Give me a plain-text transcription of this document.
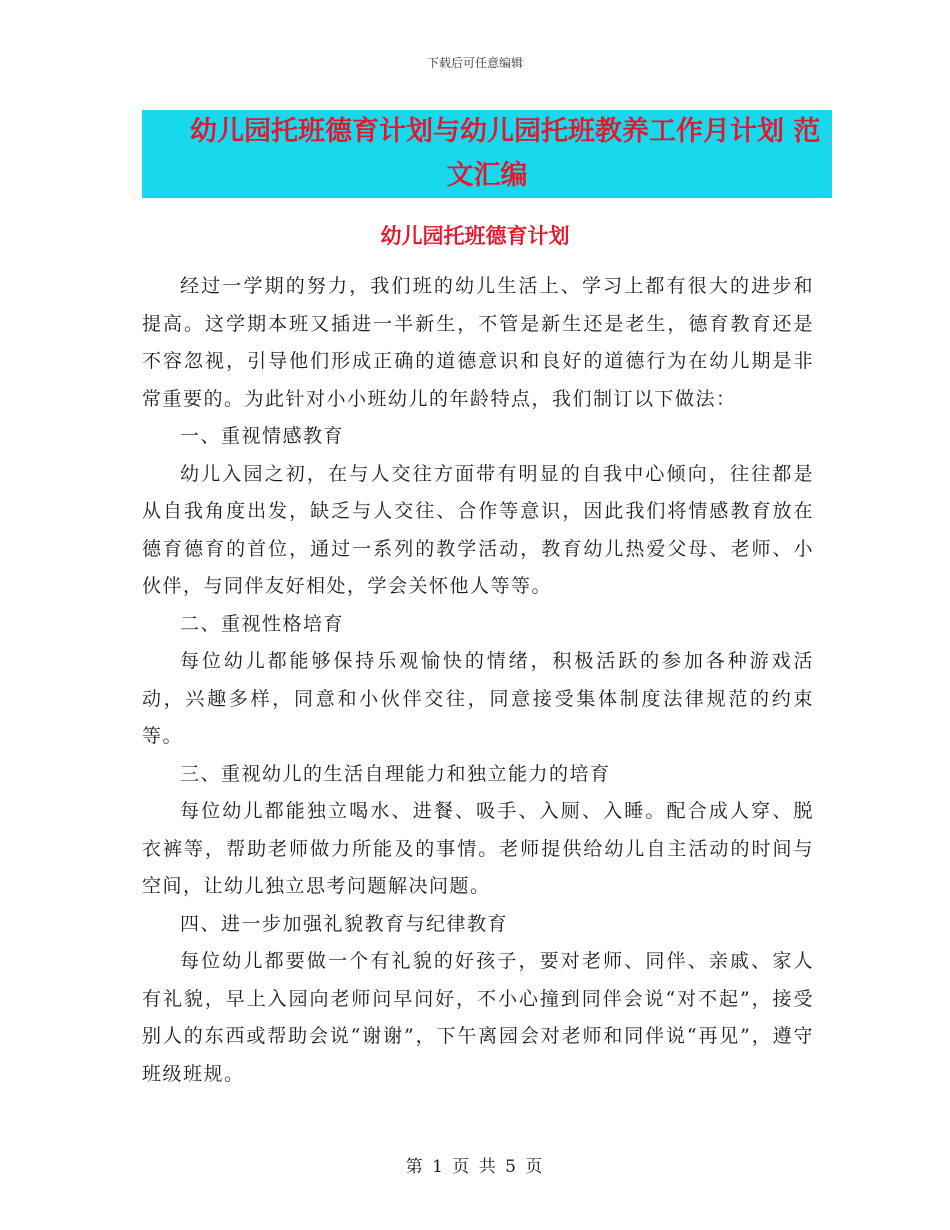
下载后可任意编辑
幼儿园托班德育计划与幼儿园托班教养工作月计划 范
文汇编
幼儿园托班德育计划

经过一学期的努力，我们班的幼儿生活上、学习上都有很大的进步和提高。这学期本班又插进一半新生，不管是新生还是老生，德育教育还是不容忽视，引导他们形成正确的道德意识和良好的道德行为在幼儿期是非常重要的。为此针对小小班幼儿的年龄特点，我们制订以下做法：

一、重视情感教育

幼儿入园之初，在与人交往方面带有明显的自我中心倾向，往往都是从自我角度出发，缺乏与人交往、合作等意识，因此我们将情感教育放在德育德育的首位，通过一系列的教学活动，教育幼儿热爱父母、老师、小伙伴，与同伴友好相处，学会关怀他人等等。

二、重视性格培育

每位幼儿都能够保持乐观愉快的情绪，积极活跃的参加各种游戏活动，兴趣多样，同意和小伙伴交往，同意接受集体制度法律规范的约束等。

三、重视幼儿的生活自理能力和独立能力的培育

每位幼儿都能独立喝水、进餐、吸手、入厕、入睡。配合成人穿、脱衣裤等，帮助老师做力所能及的事情。老师提供给幼儿自主活动的时间与空间，让幼儿独立思考问题解决问题。

四、进一步加强礼貌教育与纪律教育

每位幼儿都要做一个有礼貌的好孩子，要对老师、同伴、亲戚、家人有礼貌，早上入园向老师问早问好，不小心撞到同伴会说“对不起”，接受别人的东西或帮助会说“谢谢”，下午离园会对老师和同伴说“再见”，遵守班级班规。

第 1 页 共 5 页
